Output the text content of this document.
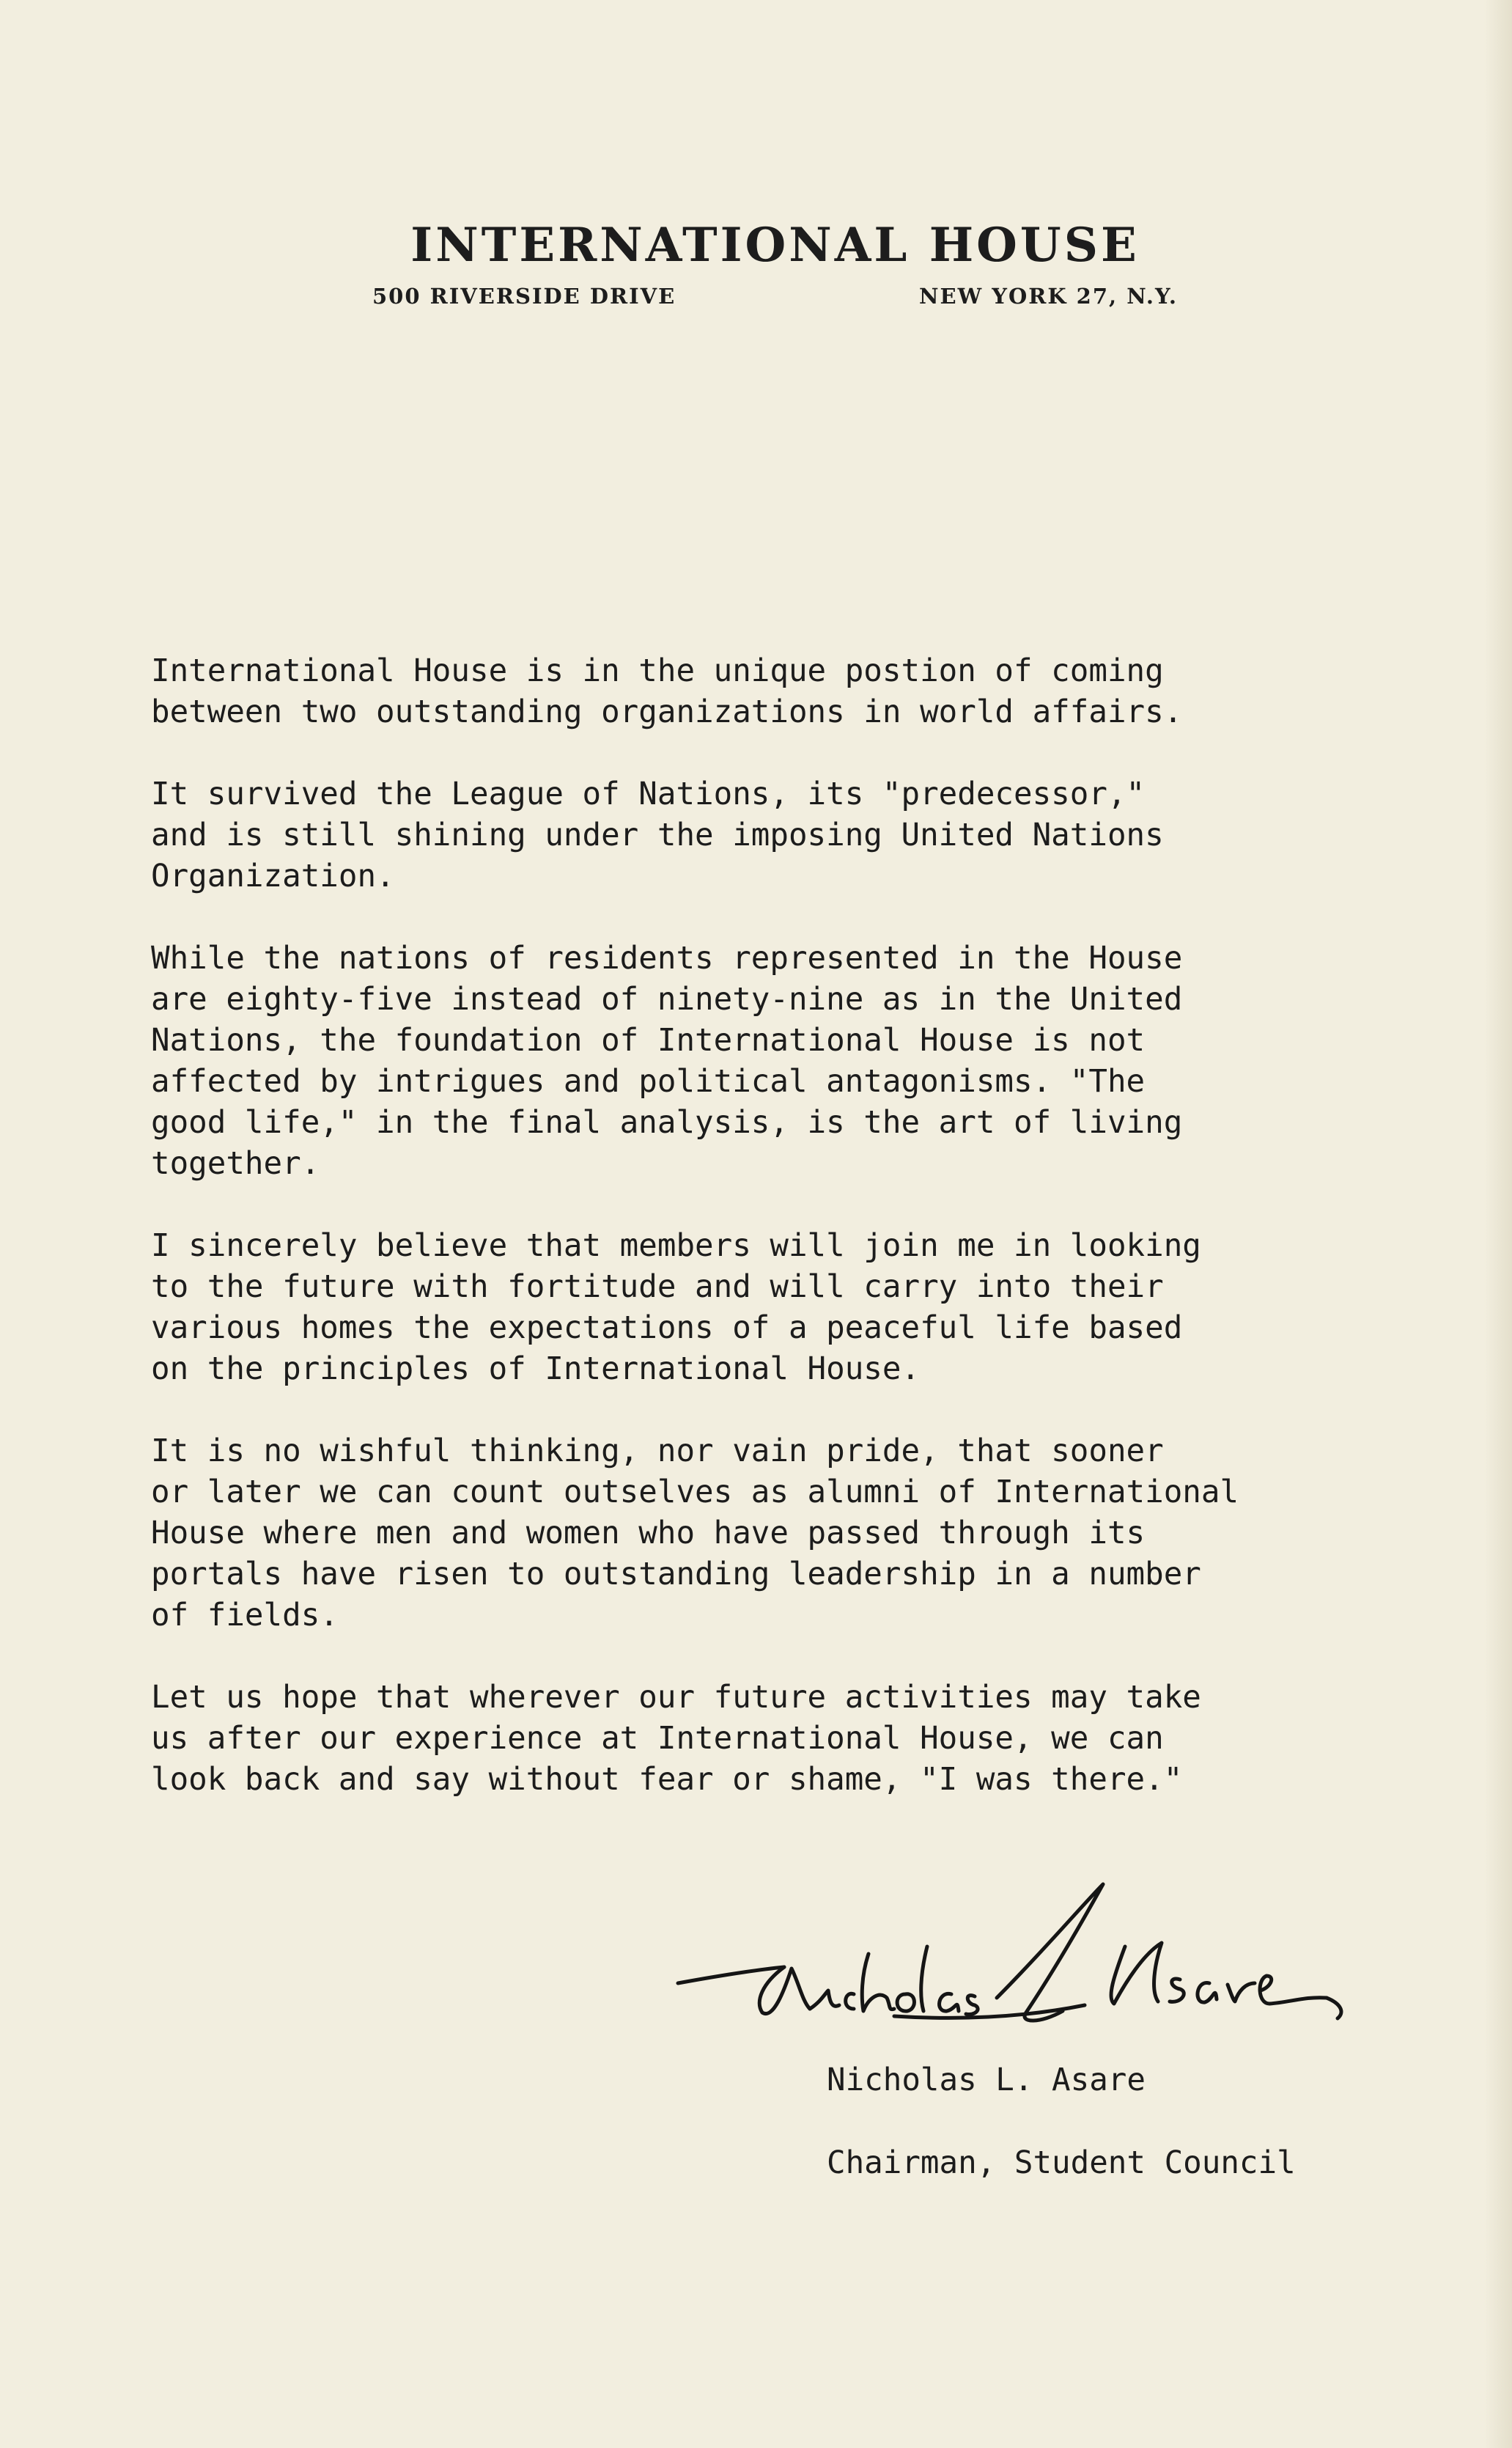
INTERNATIONAL HOUSE
500 RIVERSIDE DRIVE	NEW YORK 27, N.Y.
International House is in the unique postion of coming
between two outstanding organizations in world affairs.
It survived the League of Nations, its "predecessor,"
and is still shining under the imposing United Nations
Organization.
While the nations of residents represented in the House
are eighty-five instead of ninety-nine as in the United
Nations, the foundation of International House is not
affected by intrigues and political antagonisms. "The
good life," in the final analysis, is the art of living
together.
I sincerely believe that members will join me in looking
to the future with fortitude and will carry into their
various homes the expectations of a peaceful life based
on the principles of International House.
It is no wishful thinking, nor vain pride, that sooner
or later we can count outselves as alumni of International
House where men and women who have passed through its
portals have risen to outstanding leadership in a number
of fields.
Let us hope that wherever our future activities may take
us after our experience at International House, we can
look back and say without fear or shame, "I was there."
Nicholas L. Asare
Chairman, Student Council
